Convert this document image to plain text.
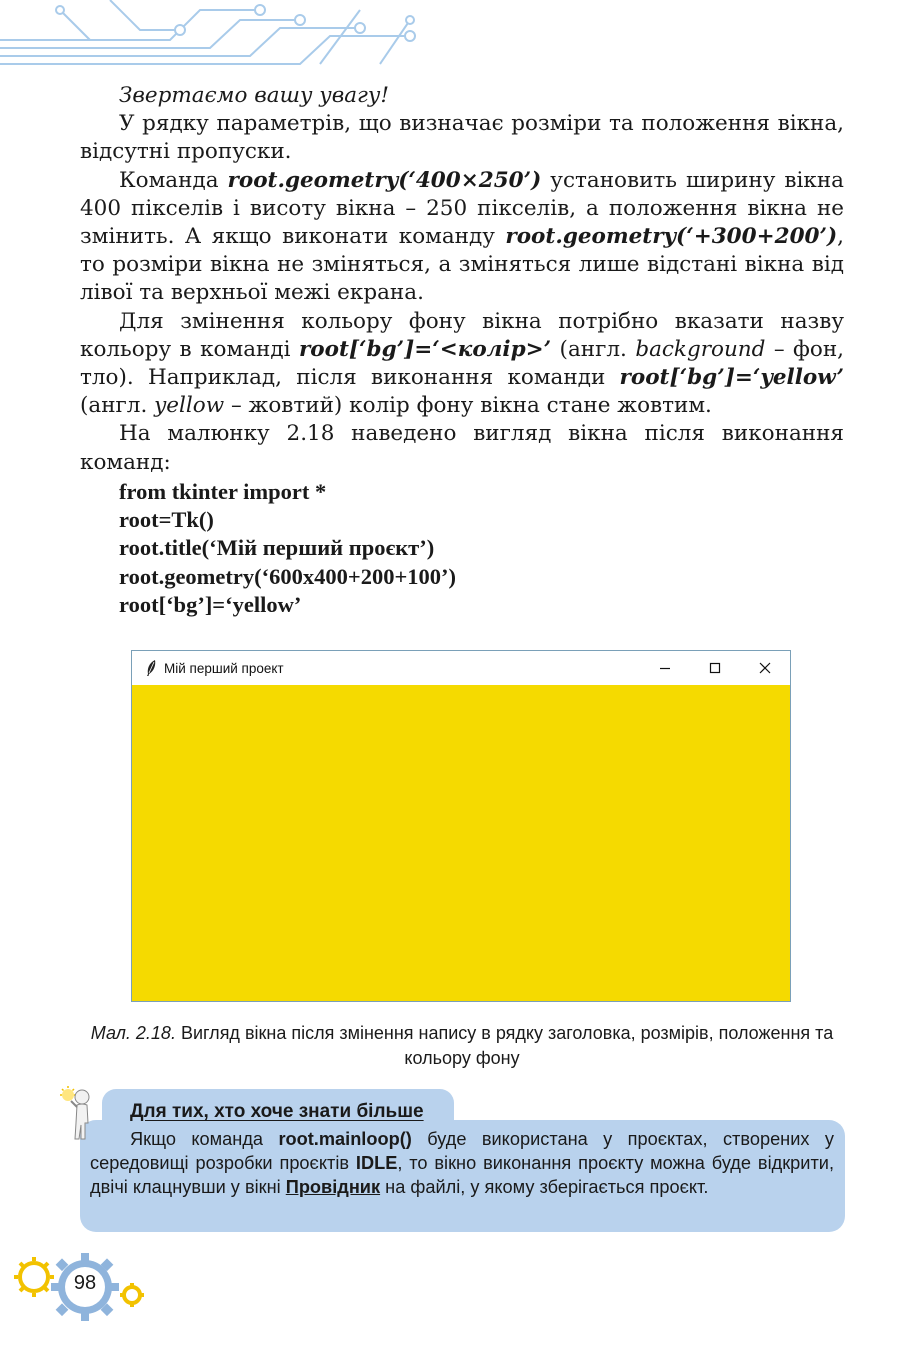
Звертаємо вашу увагу!

У рядку параметрів, що визначає розміри та положення вікна, відсутні пропуски.

Команда root.geometry(‘400×250’) установить ширину вікна 400 пікселів і висоту вікна – 250 пікселів, а положення вікна не змінить. А якщо виконати команду root.geometry(‘+300+200’), то розміри вікна не зміняться, а зміняться лише відстані вікна від лівої та верхньої межі екрана.

Для змінення кольору фону вікна потрібно вказати назву кольору в команді root[‘bg’]=‘<колір>’ (англ. background – фон, тло). Наприклад, після виконання команди root[‘bg’]=‘yellow’ (англ. yellow – жовтий) колір фону вікна стане жовтим.

На малюнку 2.18 наведено вигляд вікна після виконання команд:

from tkinter import *
root=Tk()
root.title(‘Мій перший проєкт’)
root.geometry(‘600x400+200+100’)
root[‘bg’]=‘yellow’
Мій перший проект
Мал. 2.18. Вигляд вікна після змінення напису в рядку заголовка, розмірів, положення та кольору фону
Для тих, хто хоче знати більше
Якщо команда root.mainloop() буде використана у проєктах, створених у середовищі розробки проєктів IDLE, то вікно виконання проєкту можна буде відкрити, двічі клацнувши у вікні Провідник на файлі, у якому зберігається проєкт.
98
